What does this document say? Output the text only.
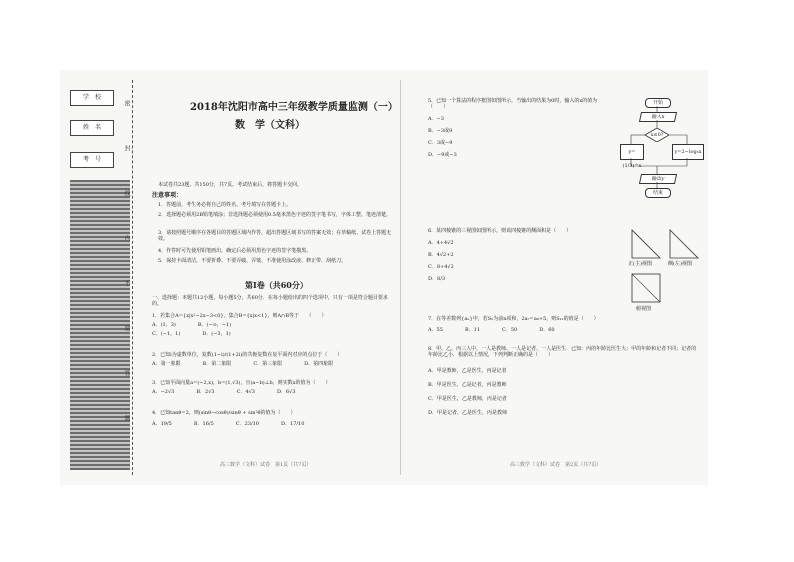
学　校
姓　名
考　号
密
封
线
内
不
要
答
题
2018年沈阳市高中三年级教学质量监测（一）
数　学（文科）
本试卷共23题，共150分，共7页。考试结束后，将答题卡交回。
注意事项：
1．答题前，考生务必将自己的姓名、考号填写在答题卡上。
2．选择题必须用2B铅笔填涂；非选择题必须使用0.5毫米黑色字迹的签字笔书写，字体工整、笔迹清楚。
3．请按照题号顺序在各题目的答题区域内作答，超出答题区域书写的答案无效；在草稿纸、试卷上答题无效。
4．作答时可先使用铅笔画出，确定后必须用黑色字迹的签字笔描黑。
5．保持卡面清洁，不要折叠、不要弄破、弄皱，不准使用涂改液、修正带、刮纸刀。
第Ⅰ卷（共60分）
一、选择题：本题共12小题，每小题5分，共60分．在每小题给出的四个选项中，只有一项是符合题目要求的。
1．若集合A={x|x²−2x−3<0}，集合B={x|x<1}，则A∩B等于　　（　　）
A．(1，3)	B．(−∞，−1)
C．(−1，1)	D．(−3，1)
2．已知i为虚数单位，复数(1−i)/(1+2i)的共轭复数在复平面内对应的点位于（　　）
A．第一象限	B．第二象限	C．第三象限	D．第四象限
3．已知平面向量a=(−2,x)，b=(1,√3)，且(a−b)⊥b，则实数x的值为（　　）
A．−2√3	B．2√3	C．4√3	D．6√3
4．已知tanθ=2，则(sinθ−cosθ)/sinθ + sin²θ的值为（　　）
A．19/5	B．16/5	C．23/10	D．17/10
高三数学（文科）试卷　第1页（共7页）
5．已知一个算法的程序框图如图所示，当输出的结果为0时，输入的x的值为（　　）
A．−3
B．−3或9
C．3或−9
D．−9或−3
开始
输入x
x≤0?
y=(1/3)^x
y=2−log₃x
输出y
结束
6．某四棱锥的三视图如图所示，则该四棱锥的侧面积是（　　）
A．4+4√2
B．4√2+2
C．8+4√2
D．8/3
正(主)视图	侧(左)视图
俯视图
7．在等差数列{aₙ}中，若Sₙ为前n项和，2a₇=a₈+5，则S₁₁的值是（　　）
A．55	B．11	C．50	D．60
8．甲、乙、丙三人中，一人是教师、一人是记者、一人是医生．已知：丙的年龄比医生大；甲的年龄和记者不同；记者的年龄比乙小．根据以上情况，下列判断正确的是（　　）
A．甲是教师，乙是医生，丙是记者
B．甲是医生，乙是记者，丙是教师
C．甲是医生，乙是教师，丙是记者
D．甲是记者，乙是医生，丙是教师
高三数学（文科）试卷　第2页（共7页）
